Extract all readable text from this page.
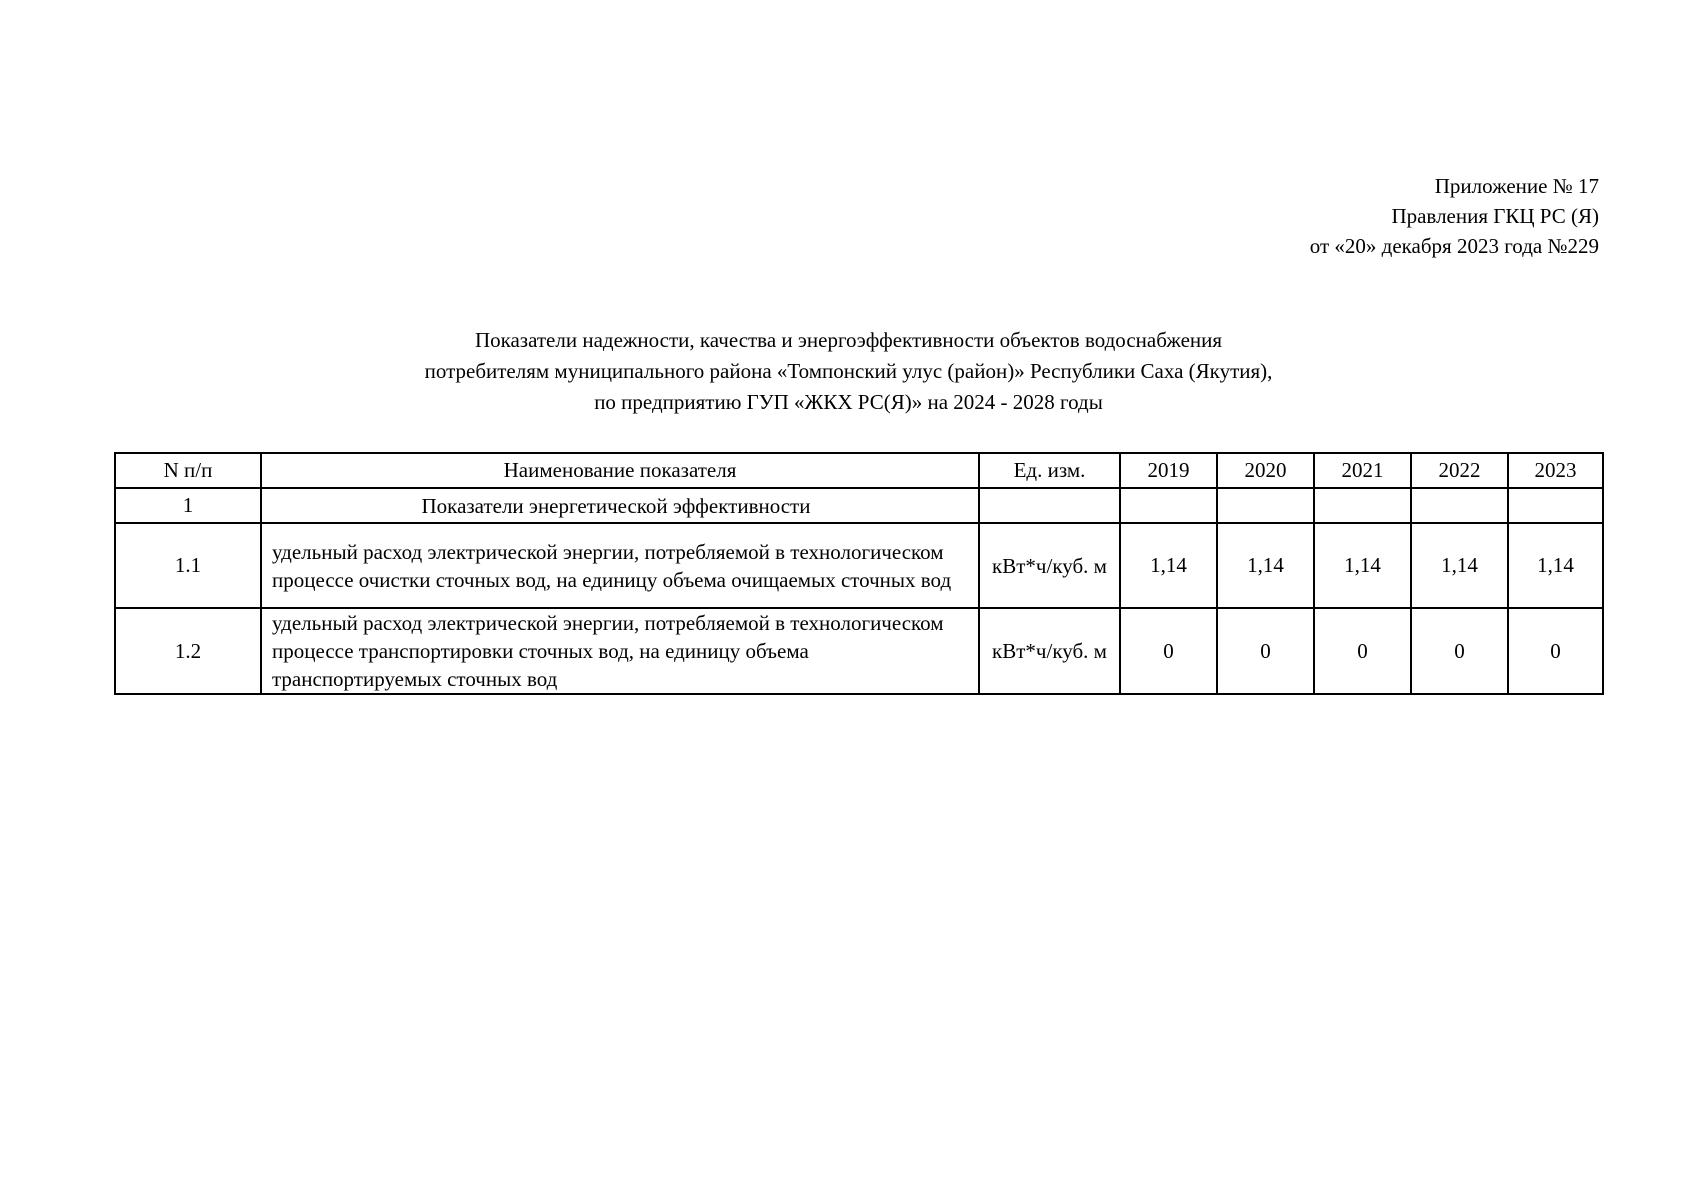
Приложение № 17
Правления ГКЦ РС (Я)
от «20» декабря 2023 года №229
Показатели надежности, качества и энергоэффективности объектов водоснабжения
потребителям муниципального района «Томпонский улус (район)» Республики Саха (Якутия),
по предприятию ГУП «ЖКХ РС(Я)» на 2024 - 2028 годы
N п/п	Наименование показателя	Ед. изм.	2019	2020	2021	2022	2023
1	Показатели энергетической эффективности						
1.1	удельный расход электрической энергии, потребляемой в технологическом процессе очистки сточных вод, на единицу объема очищаемых сточных вод	кВт*ч/куб. м	1,14	1,14	1,14	1,14	1,14
1.2	удельный расход электрической энергии, потребляемой в технологическом процессе транспортировки сточных вод, на единицу объема транспортируемых сточных вод	кВт*ч/куб. м	0	0	0	0	0
